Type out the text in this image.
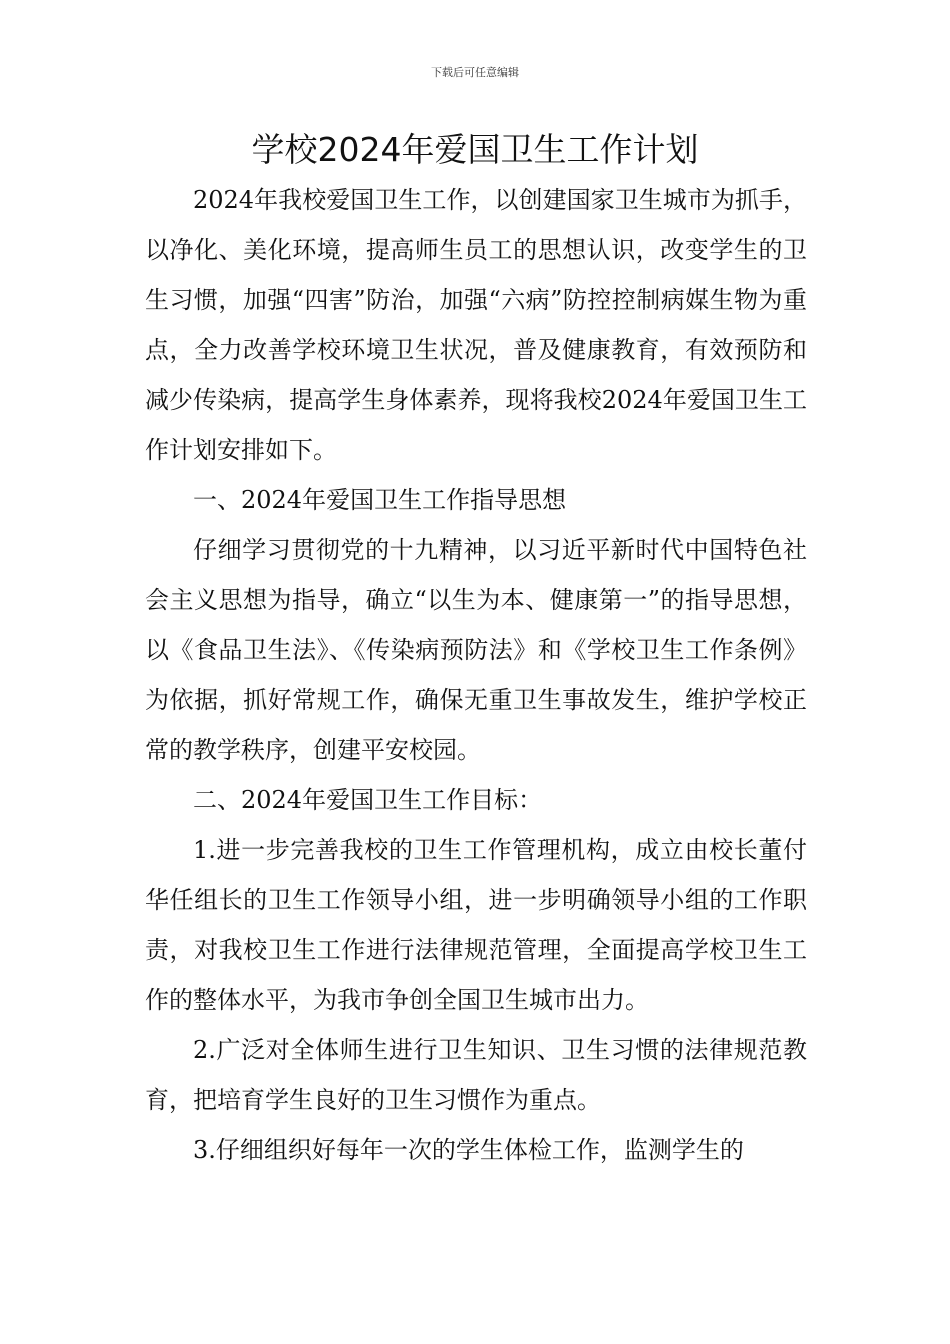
下载后可任意编辑
学校2024年爱国卫生工作计划

2024年我校爱国卫生工作，以创建国家卫生城市为抓手，以净化、美化环境，提高师生员工的思想认识，改变学生的卫生习惯，加强“四害”防治，加强“六病”防控控制病媒生物为重点，全力改善学校环境卫生状况，普及健康教育，有效预防和减少传染病，提高学生身体素养，现将我校2024年爱国卫生工作计划安排如下。

一、2024年爱国卫生工作指导思想

仔细学习贯彻党的十九精神，以习近平新时代中国特色社会主义思想为指导，确立“以生为本、健康第一”的指导思想，以《食品卫生法》、《传染病预防法》和《学校卫生工作条例》为依据，抓好常规工作，确保无重卫生事故发生，维护学校正常的教学秩序，创建平安校园。

二、2024年爱国卫生工作目标：

1.进一步完善我校的卫生工作管理机构，成立由校长董付华任组长的卫生工作领导小组，进一步明确领导小组的工作职责，对我校卫生工作进行法律规范管理，全面提高学校卫生工作的整体水平，为我市争创全国卫生城市出力。

2.广泛对全体师生进行卫生知识、卫生习惯的法律规范教育，把培育学生良好的卫生习惯作为重点。

3.仔细组织好每年一次的学生体检工作，监测学生的
